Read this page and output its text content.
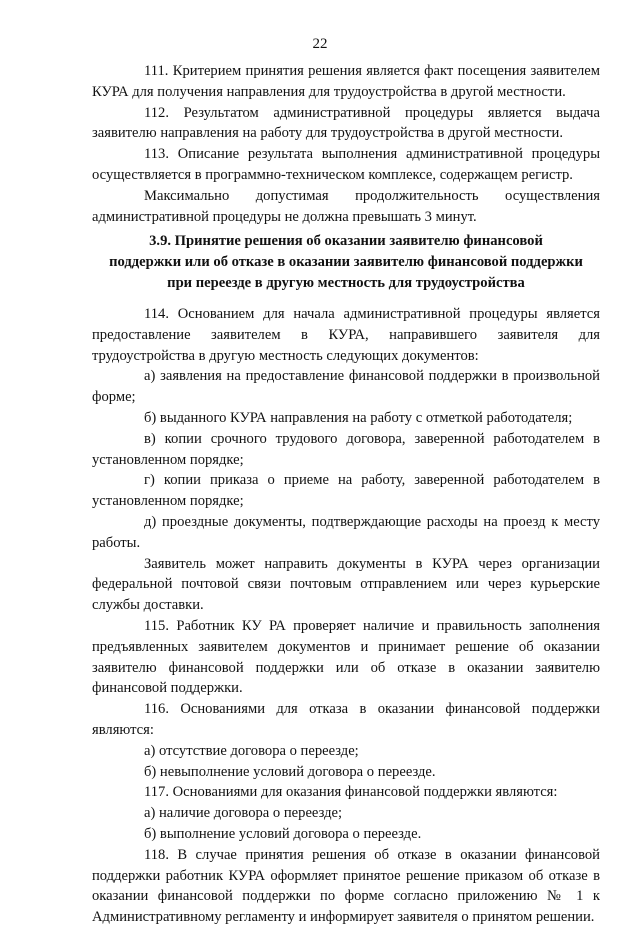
22

111. Критерием принятия решения является факт посещения заявителем КУРА для получения направления для трудоустройства в другой местности.

112. Результатом административной процедуры является выдача заявителю направления на работу для трудоустройства в другой местности.

113. Описание результата выполнения административной процедуры осуществляется в программно-техническом комплексе, содержащем регистр.

Максимально допустимая продолжительность осуществления административной процедуры не должна превышать 3 минут.

3.9. Принятие решения об оказании заявителю финансовой
поддержки или об отказе в оказании заявителю финансовой поддержки
при переезде в другую местность для трудоустройства

114. Основанием для начала административной процедуры является предоставление заявителем в КУРА, направившего заявителя для трудоустройства в другую местность следующих документов:

а) заявления на предоставление финансовой поддержки в произвольной форме;

б) выданного КУРА направления на работу с отметкой работодателя;

в) копии срочного трудового договора, заверенной работодателем в установленном порядке;

г) копии приказа о приеме на работу, заверенной работодателем в установленном порядке;

д) проездные документы, подтверждающие расходы на проезд к месту работы.

Заявитель может направить документы в КУРА через организации федеральной почтовой связи почтовым отправлением или через курьерские службы доставки.

115. Работник КУ РА проверяет наличие и правильность заполнения предъявленных заявителем документов и принимает решение об оказании заявителю финансовой поддержки или об отказе в оказании заявителю финансовой поддержки.

116. Основаниями для отказа в оказании финансовой поддержки являются:

а) отсутствие договора о переезде;

б) невыполнение условий договора о переезде.

117. Основаниями для оказания финансовой поддержки являются:

а) наличие договора о переезде;

б) выполнение условий договора о переезде.

118. В случае принятия решения об отказе в оказании финансовой поддержки работник КУРА оформляет принятое решение приказом об отказе в оказании финансовой поддержки по форме согласно приложению № 1 к Административному регламенту и информирует заявителя о принятом решении.
